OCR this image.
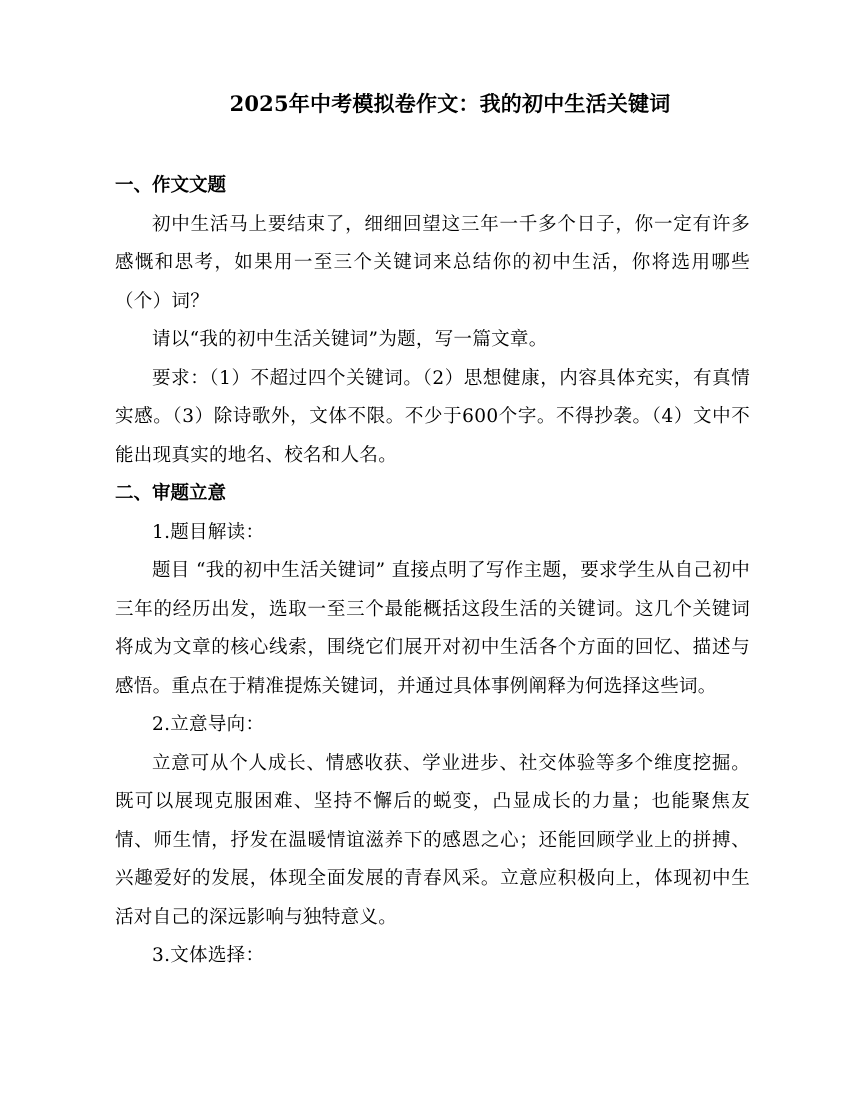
2025年中考模拟卷作文：我的初中生活关键词

一、作文文题

初中生活马上要结束了，细细回望这三年一千多个日子，你一定有许多感慨和思考，如果用一至三个关键词来总结你的初中生活，你将选用哪些（个）词？

请以“我的初中生活关键词”为题，写一篇文章。

要求：（1）不超过四个关键词。（2）思想健康，内容具体充实，有真情实感。（3）除诗歌外，文体不限。不少于600个字。不得抄袭。（4）文中不能出现真实的地名、校名和人名。

二、审题立意

1.题目解读：

题目 “我的初中生活关键词” 直接点明了写作主题，要求学生从自己初中三年的经历出发，选取一至三个最能概括这段生活的关键词。这几个关键词将成为文章的核心线索，围绕它们展开对初中生活各个方面的回忆、描述与感悟。重点在于精准提炼关键词，并通过具体事例阐释为何选择这些词。

2.立意导向：

立意可从个人成长、情感收获、学业进步、社交体验等多个维度挖掘。既可以展现克服困难、坚持不懈后的蜕变，凸显成长的力量；也能聚焦友情、师生情，抒发在温暖情谊滋养下的感恩之心；还能回顾学业上的拼搏、兴趣爱好的发展，体现全面发展的青春风采。立意应积极向上，体现初中生活对自己的深远影响与独特意义。

3.文体选择：
